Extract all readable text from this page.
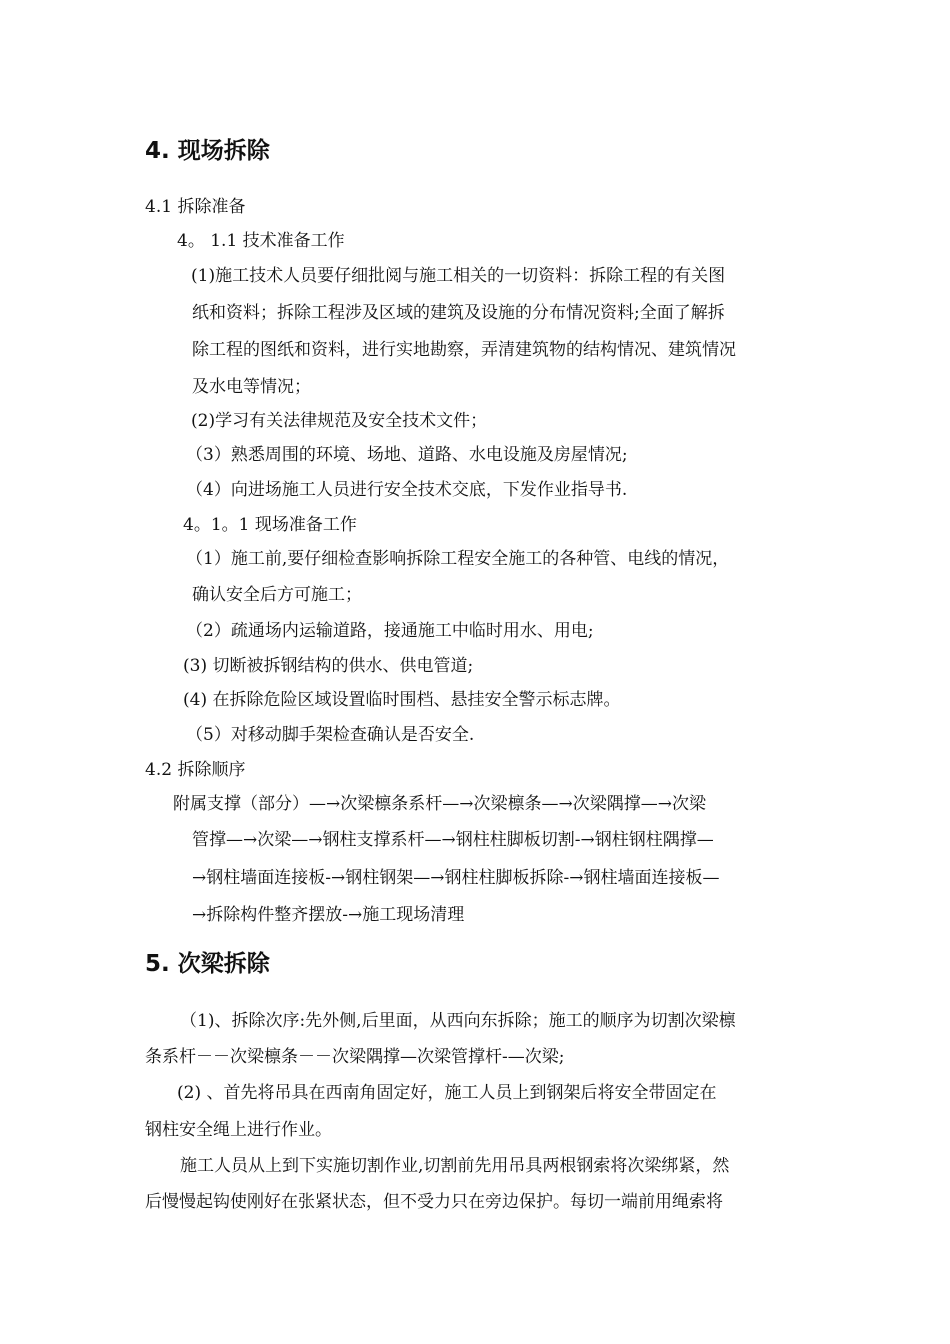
4. 现场拆除
4.1 拆除准备
4。 1.1 技术准备工作
(1)施工技术人员要仔细批阅与施工相关的一切资料：拆除工程的有关图
纸和资料；拆除工程涉及区域的建筑及设施的分布情况资料;全面了解拆
除工程的图纸和资料，进行实地勘察，弄清建筑物的结构情况、建筑情况
及水电等情况；
(2)学习有关法律规范及安全技术文件；
（3）熟悉周围的环境、场地、道路、水电设施及房屋情况;
（4）向进场施工人员进行安全技术交底，下发作业指导书.
4。1。1 现场准备工作
（1）施工前,要仔细检查影响拆除工程安全施工的各种管、电线的情况，
确认安全后方可施工；
（2）疏通场内运输道路，接通施工中临时用水、用电;
(3) 切断被拆钢结构的供水、供电管道;
(4) 在拆除危险区域设置临时围档、悬挂安全警示标志牌。
（5）对移动脚手架检查确认是否安全.
4.2 拆除顺序
附属支撑（部分）—→次梁檩条系杆—→次梁檩条—→次梁隅撑—→次梁
管撑—→次梁—→钢柱支撑系杆—→钢柱柱脚板切割-→钢柱钢柱隅撑—
→钢柱墙面连接板-→钢柱钢架—→钢柱柱脚板拆除-→钢柱墙面连接板—
→拆除构件整齐摆放-→施工现场清理
5. 次梁拆除
（1)、拆除次序:先外侧,后里面，从西向东拆除；施工的顺序为切割次梁檩
条系杆－－次梁檩条－－次梁隅撑—次梁管撑杆-—次梁;
(2) 、首先将吊具在西南角固定好，施工人员上到钢架后将安全带固定在
钢柱安全绳上进行作业。
施工人员从上到下实施切割作业,切割前先用吊具两根钢索将次梁绑紧，然
后慢慢起钩使刚好在张紧状态，但不受力只在旁边保护。每切一端前用绳索将
